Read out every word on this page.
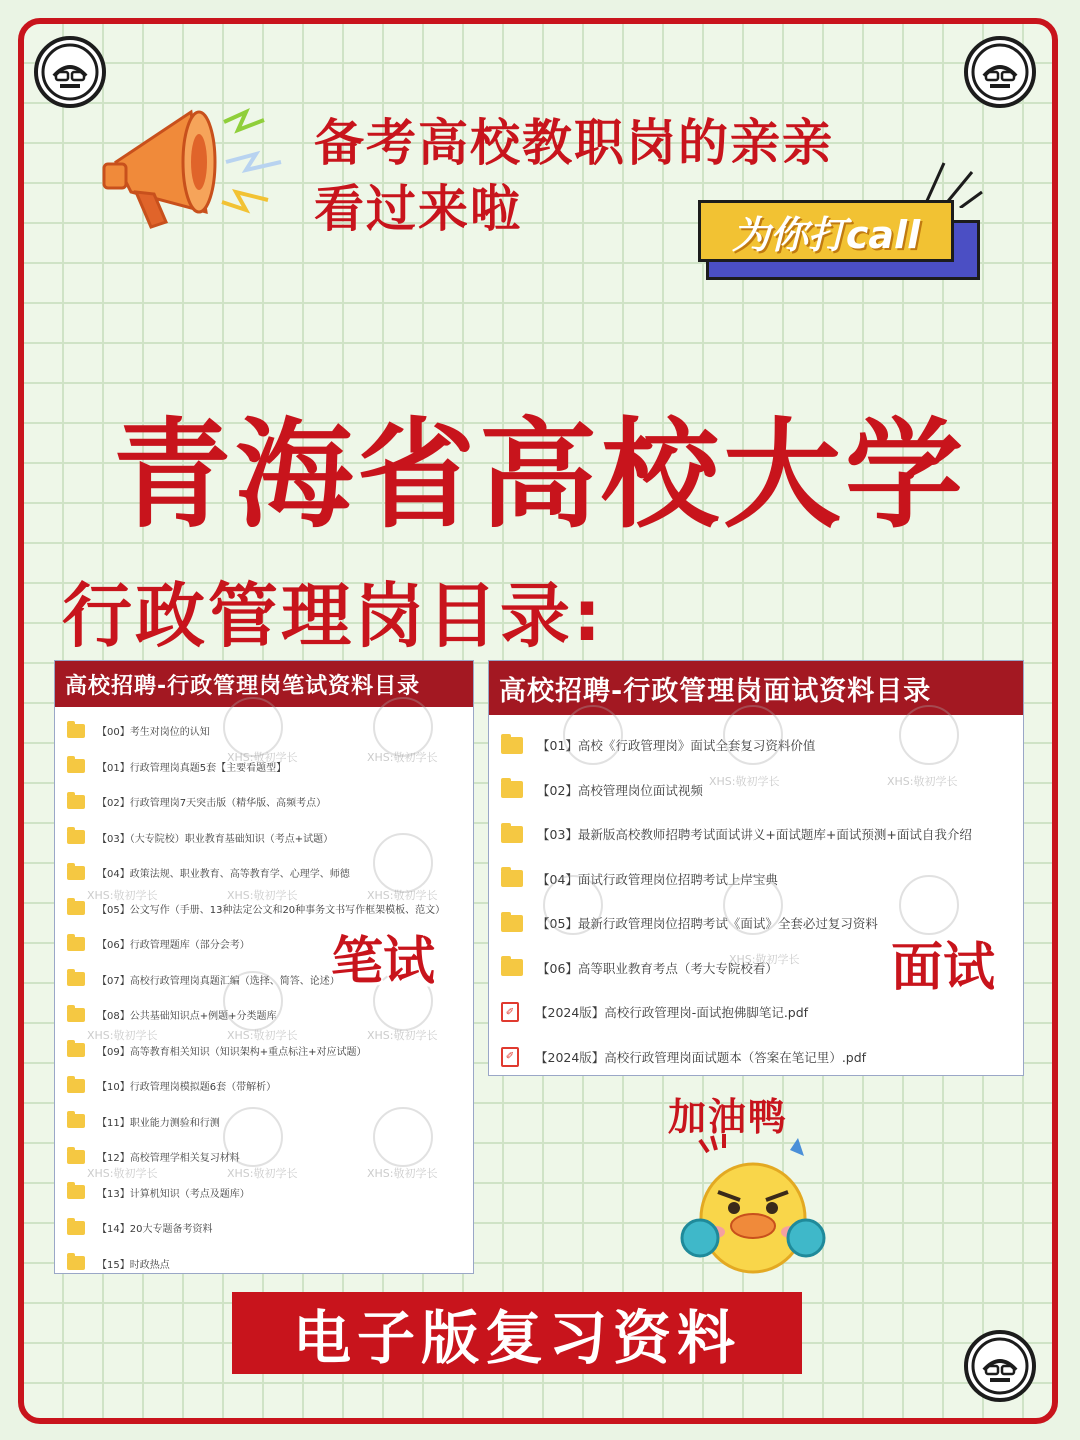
备考高校教职岗的亲亲
看过来啦	为你打call
青海省高校大学
行政管理岗目录:
高校招聘-行政管理岗笔试资料目录
【00】考生对岗位的认知
【01】行政管理岗真题5套【主要看题型】
【02】行政管理岗7天突击版（精华版、高频考点）
【03】（大专院校）职业教育基础知识（考点+试题）
【04】政策法规、职业教育、高等教育学、心理学、师德
【05】公文写作（手册、13种法定公文和20种事务文书写作框架模板、范文）
【06】行政管理题库（部分会考）
【07】高校行政管理岗真题汇编（选择、简答、论述）
【08】公共基础知识点+例题+分类题库
【09】高等教育相关知识（知识架构+重点标注+对应试题）
【10】行政管理岗模拟题6套（带解析）
【11】职业能力测验和行测
【12】高校管理学相关复习材料
【13】计算机知识（考点及题库）
【14】20大专题备考资料
【15】时政热点
XHS:敬初学长	XHS:敬初学长
XHS:敬初学长	XHS:敬初学长	XHS:敬初学长
XHS:敬初学长	XHS:敬初学长	XHS:敬初学长
XHS:敬初学长	XHS:敬初学长	XHS:敬初学长
笔试
高校招聘-行政管理岗面试资料目录
【01】高校《行政管理岗》面试全套复习资料价值
【02】高校管理岗位面试视频
【03】最新版高校教师招聘考试面试讲义+面试题库+面试预测+面试自我介绍
【04】面试行政管理岗位招聘考试上岸宝典
【05】最新行政管理岗位招聘考试《面试》全套必过复习资料
【06】高等职业教育考点（考大专院校看）
✐	【2024版】高校行政管理岗-面试抱佛脚笔记.pdf
✐	【2024版】高校行政管理岗面试题本（答案在笔记里）.pdf
XHS:敬初学长	XHS:敬初学长
XHS:敬初学长 面试
加油鸭
电子版复习资料
